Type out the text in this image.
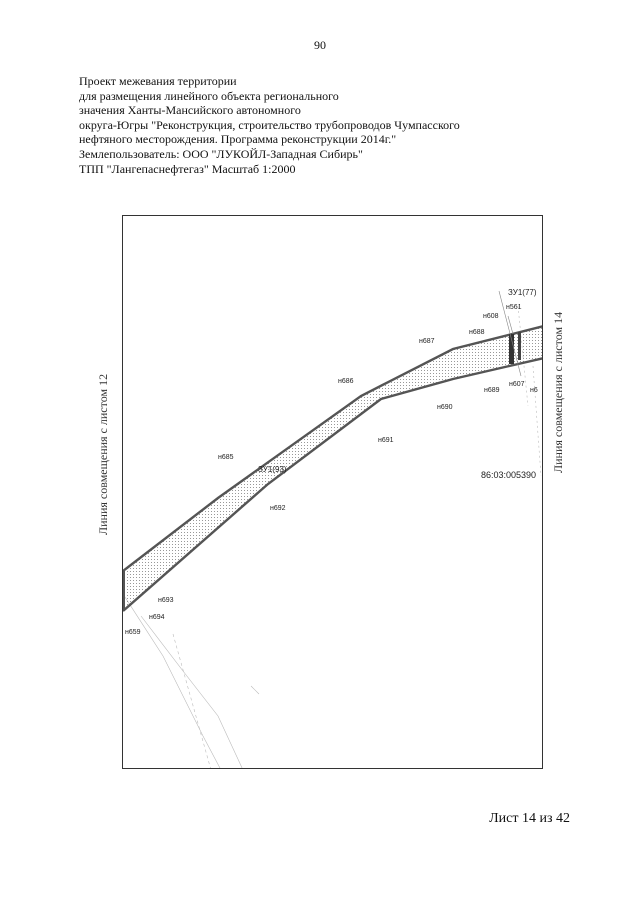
90
Проект межевания территории
для размещения линейного объекта регионального
значения Ханты-Мансийского автономного
округа-Югры "Реконструкция, строительство трубопроводов Чумпасского
нефтяного месторождения. Программа реконструкции 2014г."
Землепользователь: ООО "ЛУКОЙЛ-Западная Сибирь"
ТПП "Лангепаснефтегаз" Масштаб 1:2000
н659
н693
н694
н685
н692
н686
н691
н687
н690
н688
н689
н608
н561
н607
н6
ЗУ1(93)
ЗУ1(77)
86:03:005390
Линия совмещения с листом 12	Линия совмещения с листом 14
Лист 14 из 42
